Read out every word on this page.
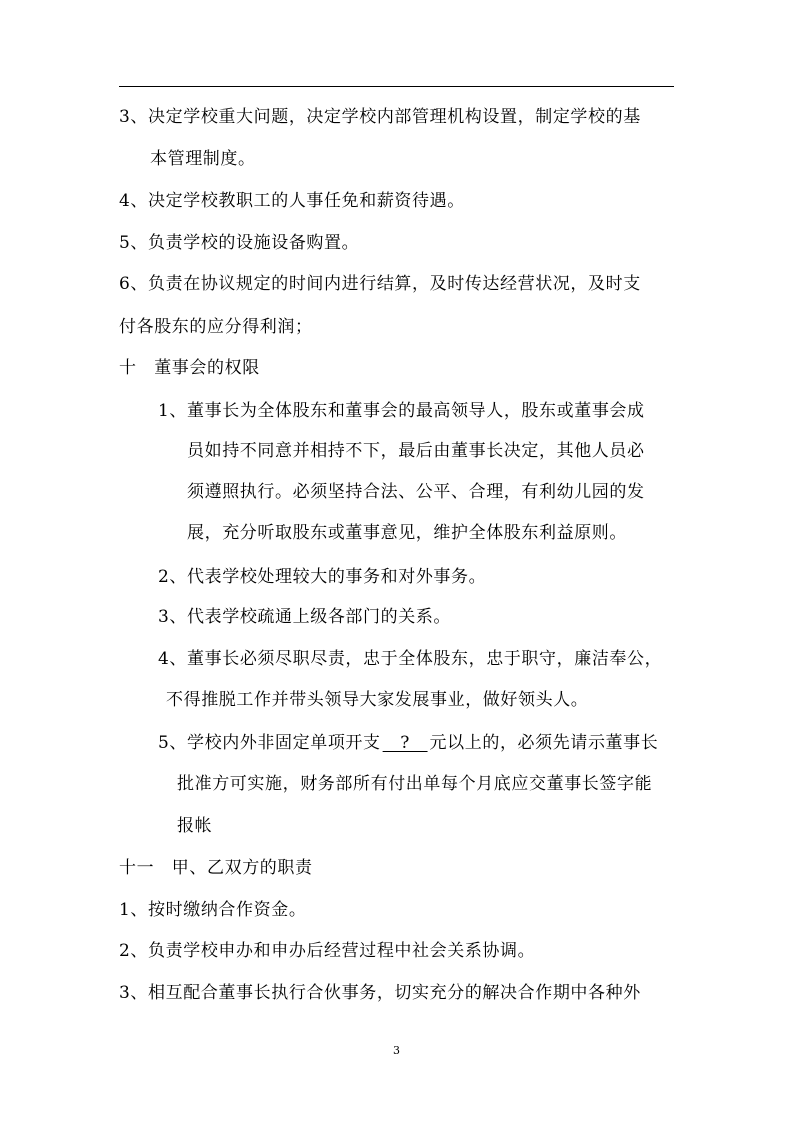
3、决定学校重大问题，决定学校内部管理机构设置，制定学校的基
本管理制度。
4、决定学校教职工的人事任免和薪资待遇。
5、负责学校的设施设备购置。
6、负责在协议规定的时间内进行结算，及时传达经营状况，及时支
付各股东的应分得利润；
十　董事会的权限
1、董事长为全体股东和董事会的最高领导人，股东或董事会成
员如持不同意并相持不下，最后由董事长决定，其他人员必
须遵照执行。必须坚持合法、公平、合理，有利幼儿园的发
展，充分听取股东或董事意见，维护全体股东利益原则。
2、代表学校处理较大的事务和对外事务。
3、代表学校疏通上级各部门的关系。
4、董事长必须尽职尽责，忠于全体股东，忠于职守，廉洁奉公，
不得推脱工作并带头领导大家发展事业，做好领头人。
5、学校内外非固定单项开支　?　元以上的，必须先请示董事长
批准方可实施，财务部所有付出单每个月底应交董事长签字能
报帐
十一　甲、乙双方的职责
1、按时缴纳合作资金。
2、负责学校申办和申办后经营过程中社会关系协调。
3、相互配合董事长执行合伙事务，切实充分的解决合作期中各种外
3
